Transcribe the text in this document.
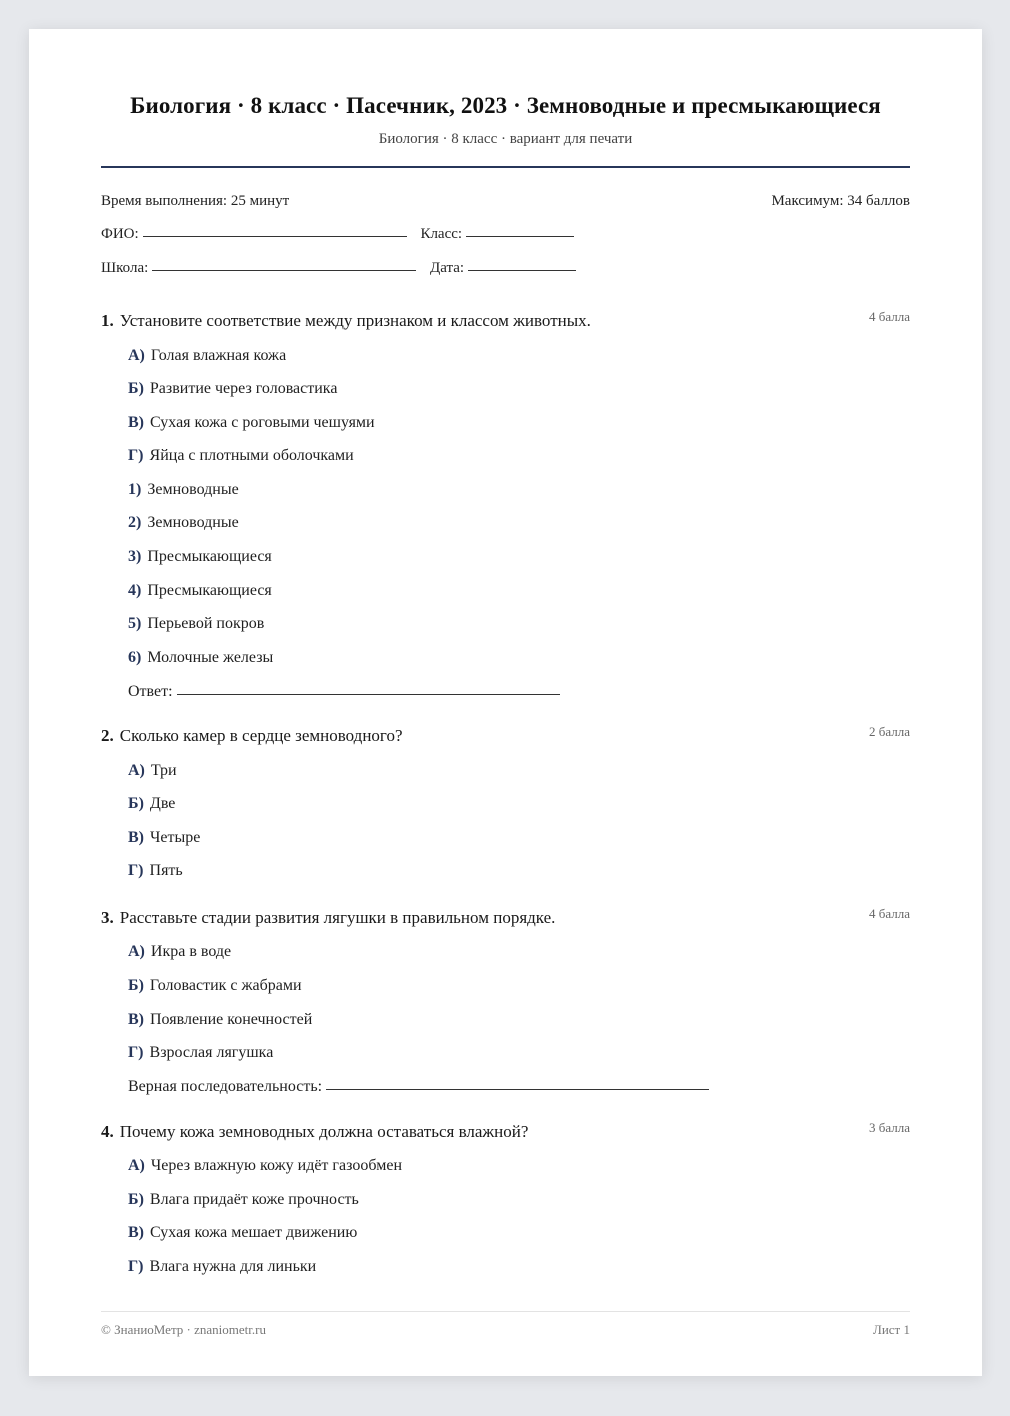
Биология · 8 класс · Пасечник, 2023 · Земноводные и пресмыкающиеся
Биология · 8 класс · вариант для печати
Время выполнения: 25 минут	Максимум: 34 баллов
ФИО:	Класс:
Школа:	Дата:
1. Установите соответствие между признаком и классом животных.	4 балла
А) Голая влажная кожа
Б) Развитие через головастика
В) Сухая кожа с роговыми чешуями
Г) Яйца с плотными оболочками
1) Земноводные
2) Земноводные
3) Пресмыкающиеся
4) Пресмыкающиеся
5) Перьевой покров
6) Молочные железы
Ответ:
2. Сколько камер в сердце земноводного?	2 балла
А) Три
Б) Две
В) Четыре
Г) Пять
3. Расставьте стадии развития лягушки в правильном порядке.	4 балла
А) Икра в воде
Б) Головастик с жабрами
В) Появление конечностей
Г) Взрослая лягушка
Верная последовательность:
4. Почему кожа земноводных должна оставаться влажной?	3 балла
А) Через влажную кожу идёт газообмен
Б) Влага придаёт коже прочность
В) Сухая кожа мешает движению
Г) Влага нужна для линьки
© ЗнаниоМетр · znaniometr.ru	Лист 1
